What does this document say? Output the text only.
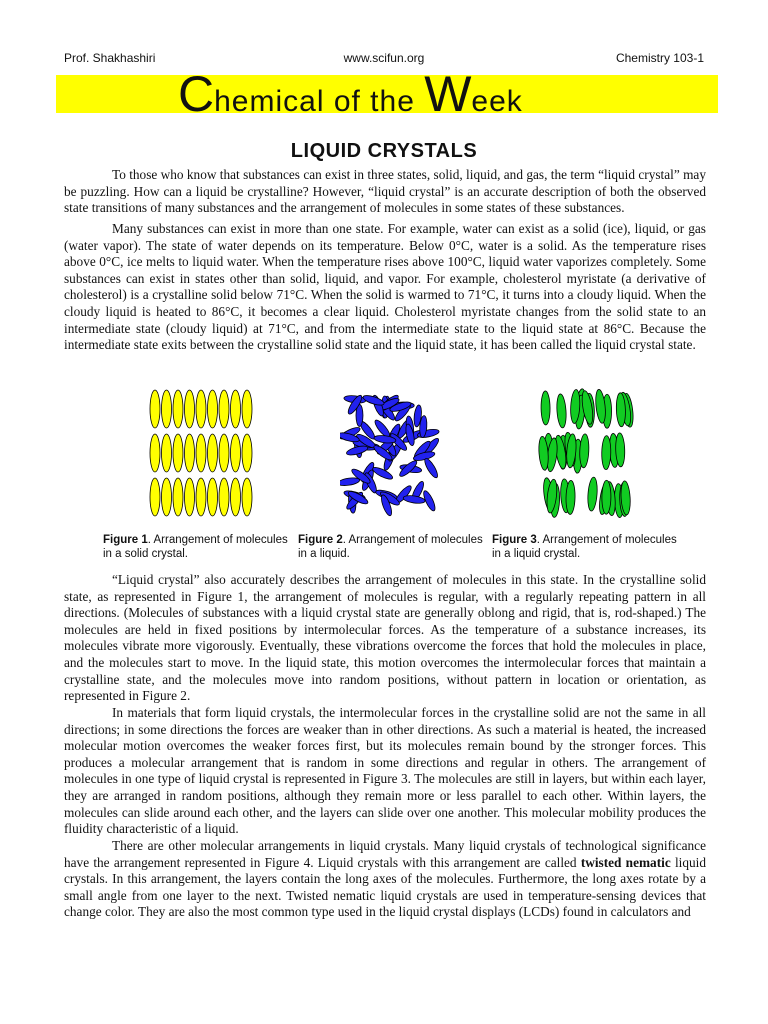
Prof. Shakhashiri	www.scifun.org	Chemistry 103-1
Chemical of the Week
LIQUID CRYSTALS

To those who know that substances can exist in three states, solid, liquid, and gas, the term “liquid crystal” may be puzzling. How can a liquid be crystalline? However, “liquid crystal” is an accurate description of both the observed state transitions of many substances and the arrangement of molecules in some states of these substances.

Many substances can exist in more than one state. For example, water can exist as a solid (ice), liquid, or gas (water vapor). The state of water depends on its temperature. Below 0°C, water is a solid. As the temperature rises above 0°C, ice melts to liquid water. When the temperature rises above 100°C, liquid water vaporizes completely. Some substances can exist in states other than solid, liquid, and vapor. For example, cholesterol myristate (a derivative of cholesterol) is a crystalline solid below 71°C. When the solid is warmed to 71°C, it turns into a cloudy liquid. When the cloudy liquid is heated to 86°C, it becomes a clear liquid. Cholesterol myristate changes from the solid state to an intermediate state (cloudy liquid) at 71°C, and from the intermediate state to the liquid state at 86°C. Because the intermediate state exits between the crystalline solid state and the liquid state, it has been called the liquid crystal state.

Figure 1. Arrangement of molecules in a solid crystal.
Figure 2. Arrangement of molecules in a liquid.
Figure 3. Arrangement of molecules in a liquid crystal.

“Liquid crystal” also accurately describes the arrangement of molecules in this state. In the crystalline solid state, as represented in Figure 1, the arrangement of molecules is regular, with a regularly repeating pattern in all directions. (Molecules of substances with a liquid crystal state are generally oblong and rigid, that is, rod-shaped.) The molecules are held in fixed positions by intermolecular forces. As the temperature of a substance increases, its molecules vibrate more vigorously. Eventually, these vibrations overcome the forces that hold the molecules in place, and the molecules start to move. In the liquid state, this motion overcomes the intermolecular forces that maintain a crystalline state, and the molecules move into random positions, without pattern in location or orientation, as represented in Figure 2.

In materials that form liquid crystals, the intermolecular forces in the crystalline solid are not the same in all directions; in some directions the forces are weaker than in other directions. As such a material is heated, the increased molecular motion overcomes the weaker forces first, but its molecules remain bound by the stronger forces. This produces a molecular arrangement that is random in some directions and regular in others. The arrangement of molecules in one type of liquid crystal is represented in Figure 3. The molecules are still in layers, but within each layer, they are arranged in random positions, although they remain more or less parallel to each other. Within layers, the molecules can slide around each other, and the layers can slide over one another. This molecular mobility produces the fluidity characteristic of a liquid.

There are other molecular arrangements in liquid crystals. Many liquid crystals of technological significance have the arrangement represented in Figure 4. Liquid crystals with this arrangement are called twisted nematic liquid crystals. In this arrangement, the layers contain the long axes of the molecules. Furthermore, the long axes rotate by a small angle from one layer to the next. Twisted nematic liquid crystals are used in temperature-sensing devices that change color. They are also the most common type used in the liquid crystal displays (LCDs) found in calculators and
